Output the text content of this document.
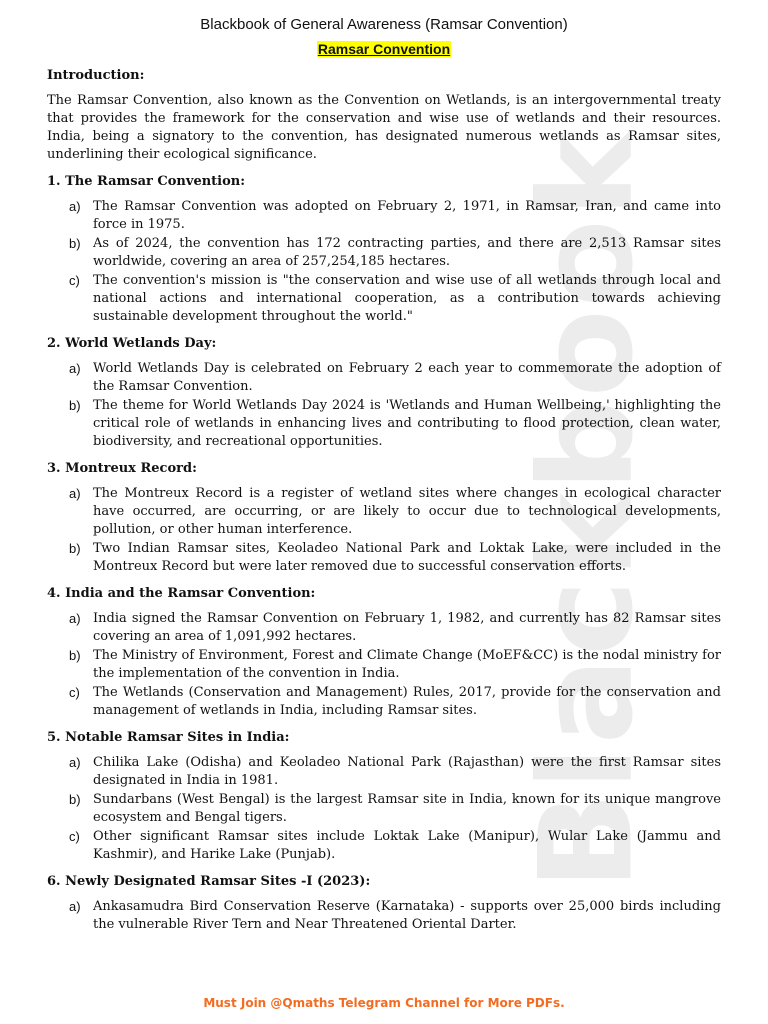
Blackbook
Blackbook of General Awareness (Ramsar Convention)
Ramsar Convention
Introduction:

The Ramsar Convention, also known as the Convention on Wetlands, is an intergovernmental treaty that provides the framework for the conservation and wise use of wetlands and their resources. India, being a signatory to the convention, has designated numerous wetlands as Ramsar sites, underlining their ecological significance.

1. The Ramsar Convention:
a) The Ramsar Convention was adopted on February 2, 1971, in Ramsar, Iran, and came into force in 1975.
b) As of 2024, the convention has 172 contracting parties, and there are 2,513 Ramsar sites worldwide, covering an area of 257,254,185 hectares.
c) The convention's mission is "the conservation and wise use of all wetlands through local and national actions and international cooperation, as a contribution towards achieving sustainable development throughout the world."
2. World Wetlands Day:
a) World Wetlands Day is celebrated on February 2 each year to commemorate the adoption of the Ramsar Convention.
b) The theme for World Wetlands Day 2024 is 'Wetlands and Human Wellbeing,' highlighting the critical role of wetlands in enhancing lives and contributing to flood protection, clean water, biodiversity, and recreational opportunities.
3. Montreux Record:
a) The Montreux Record is a register of wetland sites where changes in ecological character have occurred, are occurring, or are likely to occur due to technological developments, pollution, or other human interference.
b) Two Indian Ramsar sites, Keoladeo National Park and Loktak Lake, were included in the Montreux Record but were later removed due to successful conservation efforts.
4. India and the Ramsar Convention:
a) India signed the Ramsar Convention on February 1, 1982, and currently has 82 Ramsar sites covering an area of 1,091,992 hectares.
b) The Ministry of Environment, Forest and Climate Change (MoEF&CC) is the nodal ministry for the implementation of the convention in India.
c) The Wetlands (Conservation and Management) Rules, 2017, provide for the conservation and management of wetlands in India, including Ramsar sites.
5. Notable Ramsar Sites in India:
a) Chilika Lake (Odisha) and Keoladeo National Park (Rajasthan) were the first Ramsar sites designated in India in 1981.
b) Sundarbans (West Bengal) is the largest Ramsar site in India, known for its unique mangrove ecosystem and Bengal tigers.
c) Other significant Ramsar sites include Loktak Lake (Manipur), Wular Lake (Jammu and Kashmir), and Harike Lake (Punjab).
6. Newly Designated Ramsar Sites -I (2023):
a) Ankasamudra Bird Conservation Reserve (Karnataka) - supports over 25,000 birds including the vulnerable River Tern and Near Threatened Oriental Darter.
Must Join @Qmaths Telegram Channel for More PDFs.
